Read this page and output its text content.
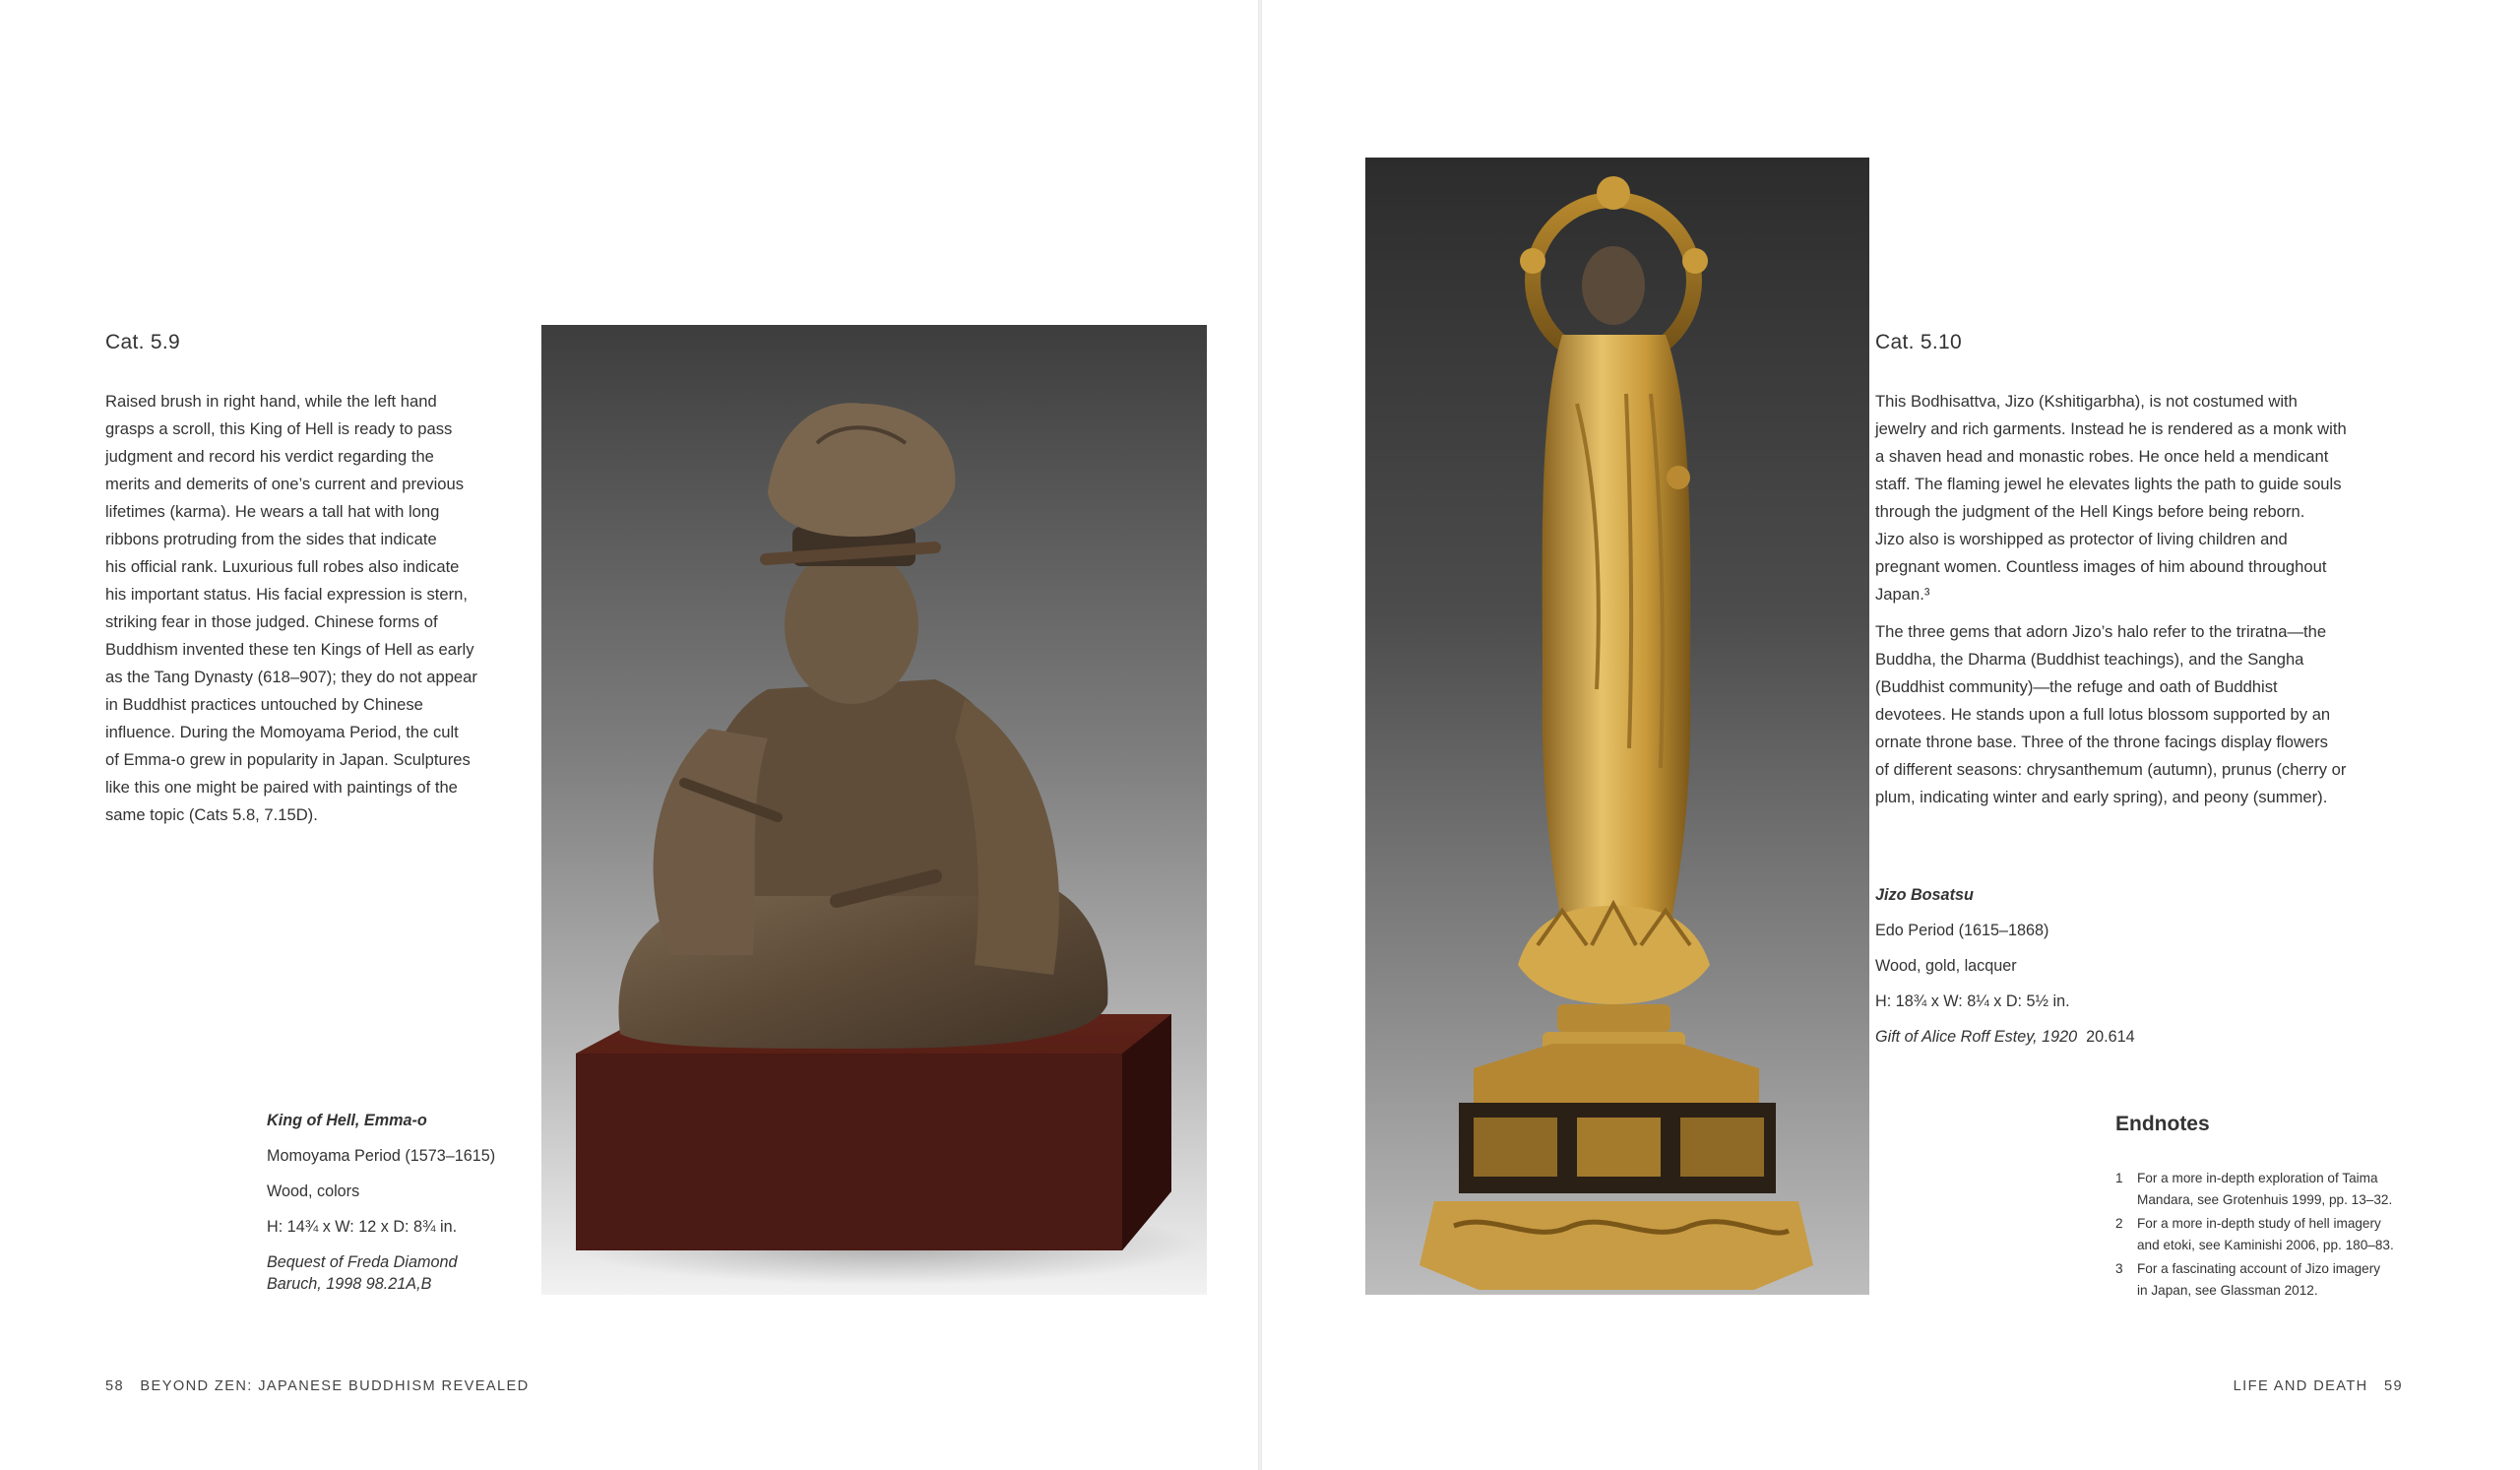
Cat. 5.9
Raised brush in right hand, while the left hand
grasps a scroll, this King of Hell is ready to pass
judgment and record his verdict regarding the
merits and demerits of one’s current and previous
lifetimes (karma). He wears a tall hat with long
ribbons protruding from the sides that indicate
his official rank. Luxurious full robes also indicate
his important status. His facial expression is stern,
striking fear in those judged. Chinese forms of
Buddhism invented these ten Kings of Hell as early
as the Tang Dynasty (618–907); they do not appear
in Buddhist practices untouched by Chinese
influence. During the Momoyama Period, the cult
of Emma-o grew in popularity in Japan. Sculptures
like this one might be paired with paintings of the
same topic (Cats 5.8, 7.15D).
King of Hell, Emma-o
Momoyama Period (1573–1615)
Wood, colors
H: 14¾ x W: 12 x D: 8¾ in.
Bequest of Freda Diamond
Baruch, 1998 98.21A,B
58 BEYOND ZEN: JAPANESE BUDDHISM REVEALED
Cat. 5.10

This Bodhisattva, Jizo (Kshitigarbha), is not costumed with
jewelry and rich garments. Instead he is rendered as a monk with
a shaven head and monastic robes. He once held a mendicant
staff. The flaming jewel he elevates lights the path to guide souls
through the judgment of the Hell Kings before being reborn.
Jizo also is worshipped as protector of living children and
pregnant women. Countless images of him abound throughout
Japan.³

The three gems that adorn Jizo’s halo refer to the triratna—the
Buddha, the Dharma (Buddhist teachings), and the Sangha
(Buddhist community)—the refuge and oath of Buddhist
devotees. He stands upon a full lotus blossom supported by an
ornate throne base. Three of the throne facings display flowers
of different seasons: chrysanthemum (autumn), prunus (cherry or
plum, indicating winter and early spring), and peony (summer).

Jizo Bosatsu
Edo Period (1615–1868)
Wood, gold, lacquer
H: 18¾ x W: 8¼ x D: 5½ in.
Gift of Alice Roff Estey, 1920 20.614
Endnotes
1	For a more in-depth exploration of Taima
Mandara, see Grotenhuis 1999, pp. 13–32.
2	For a more in-depth study of hell imagery
and etoki, see Kaminishi 2006, pp. 180–83.
3	For a fascinating account of Jizo imagery
in Japan, see Glassman 2012.
LIFE AND DEATH 59
